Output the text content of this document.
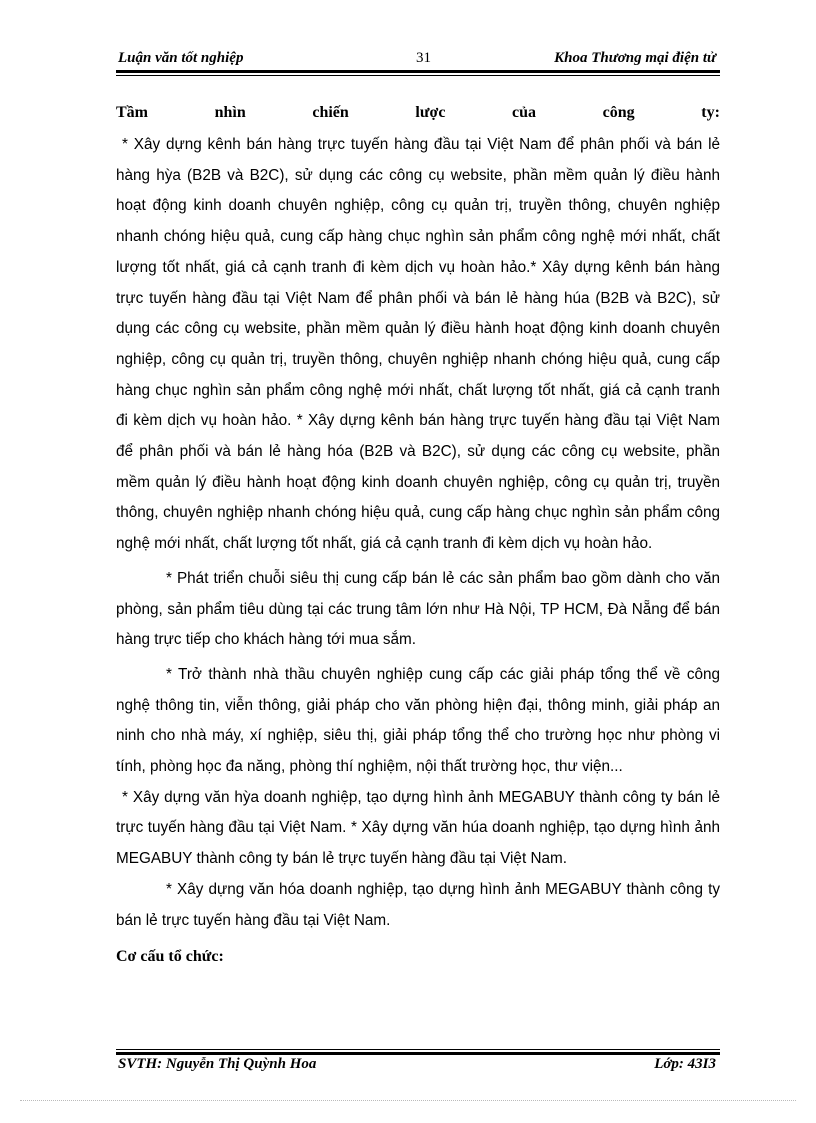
Luận văn tốt nghiệp	31	Khoa Thương mại điện tử
Tầm	nhìn	chiến	lược	của	công	ty:

* Xây dựng kênh bán hàng trực tuyến hàng đầu tại Việt Nam để phân phối và bán lẻ hàng hỳa (B2B và B2C), sử dụng các công cụ website, phần mềm quản lý điều hành hoạt động kinh doanh chuyên nghiệp, công cụ quản trị, truyền thông, chuyên nghiệp nhanh chóng hiệu quả, cung cấp hàng chục nghìn sản phẩm công nghệ mới nhất, chất lượng tốt nhất, giá cả cạnh tranh đi kèm dịch vụ hoàn hảo.* Xây dựng kênh bán hàng trực tuyến hàng đầu tại Việt Nam để phân phối và bán lẻ hàng húa (B2B và B2C), sử dụng các công cụ website, phần mềm quản lý điều hành hoạt động kinh doanh chuyên nghiệp, công cụ quản trị, truyền thông, chuyên nghiệp nhanh chóng hiệu quả, cung cấp hàng chục nghìn sản phẩm công nghệ mới nhất, chất lượng tốt nhất, giá cả cạnh tranh đi kèm dịch vụ hoàn hảo. * Xây dựng kênh bán hàng trực tuyến hàng đầu tại Việt Nam để phân phối và bán lẻ hàng hóa (B2B và B2C), sử dụng các công cụ website, phần mềm quản lý điều hành hoạt động kinh doanh chuyên nghiệp, công cụ quản trị, truyền thông, chuyên nghiệp nhanh chóng hiệu quả, cung cấp hàng chục nghìn sản phẩm công nghệ mới nhất, chất lượng tốt nhất, giá cả cạnh tranh đi kèm dịch vụ hoàn hảo.

* Phát triển chuỗi siêu thị cung cấp bán lẻ các sản phẩm bao gồm dành cho văn phòng, sản phẩm tiêu dùng tại các trung tâm lớn như Hà Nội, TP HCM, Đà Nẵng để bán hàng trực tiếp cho khách hàng tới mua sắm.

* Trở thành nhà thầu chuyên nghiệp cung cấp các giải pháp tổng thể về công nghệ thông tin, viễn thông, giải pháp cho văn phòng hiện đại, thông minh, giải pháp an ninh cho nhà máy, xí nghiệp, siêu thị, giải pháp tổng thể cho trường học như phòng vi tính, phòng học đa năng, phòng thí nghiệm, nội thất trường học, thư viện...

* Xây dựng văn hỳa doanh nghiệp, tạo dựng hình ảnh MEGABUY thành công ty bán lẻ trực tuyến hàng đầu tại Việt Nam. * Xây dựng văn húa doanh nghiệp, tạo dựng hình ảnh MEGABUY thành công ty bán lẻ trực tuyến hàng đầu tại Việt Nam.

* Xây dựng văn hóa doanh nghiệp, tạo dựng hình ảnh MEGABUY thành công ty bán lẻ trực tuyến hàng đầu tại Việt Nam.

Cơ cấu tổ chức:

SVTH: Nguyễn Thị Quỳnh Hoa	Lớp: 43I3
